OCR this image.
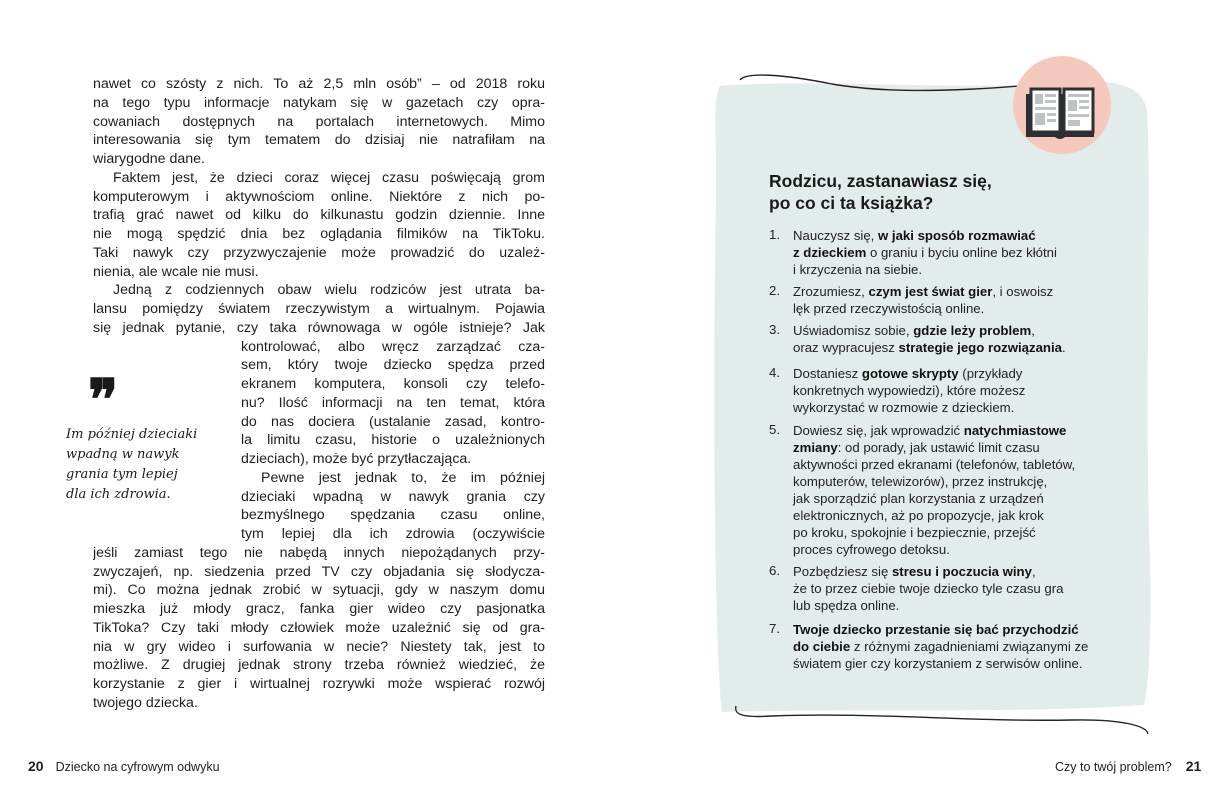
nawet co szósty z nich. To aż 2,5 mln osób” – od 2018 roku
na tego typu informacje natykam się w gazetach czy opra-
cowaniach dostępnych na portalach internetowych. Mimo
interesowania się tym tematem do dzisiaj nie natrafiłam na
wiarygodne dane.
Faktem jest, że dzieci coraz więcej czasu poświęcają grom
komputerowym i aktywnościom online. Niektóre z nich po-
trafią grać nawet od kilku do kilkunastu godzin dziennie. Inne
nie mogą spędzić dnia bez oglądania filmików na TikToku.
Taki nawyk czy przyzwyczajenie może prowadzić do uzależ-
nienia, ale wcale nie musi.
Jedną z codziennych obaw wielu rodziców jest utrata ba-
lansu pomiędzy światem rzeczywistym a wirtualnym. Pojawia
się jednak pytanie, czy taka równowaga w ogóle istnieje? Jak
kontrolować, albo wręcz zarządzać cza-
sem, który twoje dziecko spędza przed
ekranem komputera, konsoli czy telefo-
nu? Ilość informacji na ten temat, która
do nas dociera (ustalanie zasad, kontro-
la limitu czasu, historie o uzależnionych
dzieciach), może być przytłaczająca.
Pewne jest jednak to, że im później
dzieciaki wpadną w nawyk grania czy
bezmyślnego spędzania czasu online,
tym lepiej dla ich zdrowia (oczywiście
jeśli zamiast tego nie nabędą innych niepożądanych przy-
zwyczajeń, np. siedzenia przed TV czy objadania się słodycza-
mi). Co można jednak zrobić w sytuacji, gdy w naszym domu
mieszka już młody gracz, fanka gier wideo czy pasjonatka
TikToka? Czy taki młody człowiek może uzależnić się od gra-
nia w gry wideo i surfowania w necie? Niestety tak, jest to
możliwe. Z drugiej jednak strony trzeba również wiedzieć, że
korzystanie z gier i wirtualnej rozrywki może wspierać rozwój
twojego dziecka.
❞
Im później dzieciaki
wpadną w nawyk
grania tym lepiej
dla ich zdrowia.
20 Dziecko na cyfrowym odwyku
Rodzicu, zastanawiasz się,
po co ci ta książka?
1. Nauczysz się, w jaki sposób rozmawiać
z dzieckiem o graniu i byciu online bez kłótni
i krzyczenia na siebie.
2. Zrozumiesz, czym jest świat gier, i oswoisz
lęk przed rzeczywistością online.
3. Uświadomisz sobie, gdzie leży problem,
oraz wypracujesz strategie jego rozwiązania.
4. Dostaniesz gotowe skrypty (przykłady
konkretnych wypowiedzi), które możesz
wykorzystać w rozmowie z dzieckiem.
5. Dowiesz się, jak wprowadzić natychmiastowe
zmiany: od porady, jak ustawić limit czasu
aktywności przed ekranami (telefonów, tabletów,
komputerów, telewizorów), przez instrukcję,
jak sporządzić plan korzystania z urządzeń
elektronicznych, aż po propozycje, jak krok
po kroku, spokojnie i bezpiecznie, przejść
proces cyfrowego detoksu.
6. Pozbędziesz się stresu i poczucia winy,
że to przez ciebie twoje dziecko tyle czasu gra
lub spędza online.
7. Twoje dziecko przestanie się bać przychodzić
do ciebie z różnymi zagadnieniami związanymi ze
światem gier czy korzystaniem z serwisów online.
Czy to twój problem? 21
